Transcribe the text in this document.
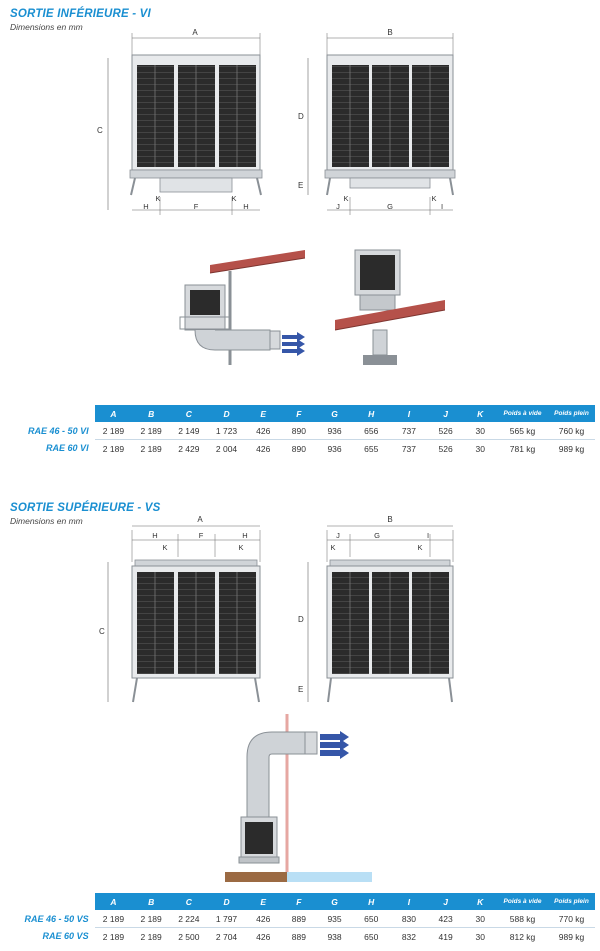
SORTIE INFÉRIEURE - VI
Dimensions en mm
A
C
H
K
F
K
H
B
D
E
J
K
G
K
I
	A	B	C	D	E	F	G	H	I	J	K	Poids à vide	Poids plein
RAE 46 - 50 VI	2 189	2 189	2 149	1 723	426	890	936	656	737	526	30	565 kg	760 kg
RAE 60 VI	2 189	2 189	2 429	2 004	426	890	936	655	737	526	30	781 kg	989 kg
SORTIE SUPÉRIEURE - VS
Dimensions en mm	A
H
K
F
K
H
C
B
J
K
G
K
I
D
E
	A	B	C	D	E	F	G	H	I	J	K	Poids à vide	Poids plein
RAE 46 - 50 VS	2 189	2 189	2 224	1 797	426	889	935	650	830	423	30	588 kg	770 kg
RAE 60 VS	2 189	2 189	2 500	2 704	426	889	938	650	832	419	30	812 kg	989 kg
